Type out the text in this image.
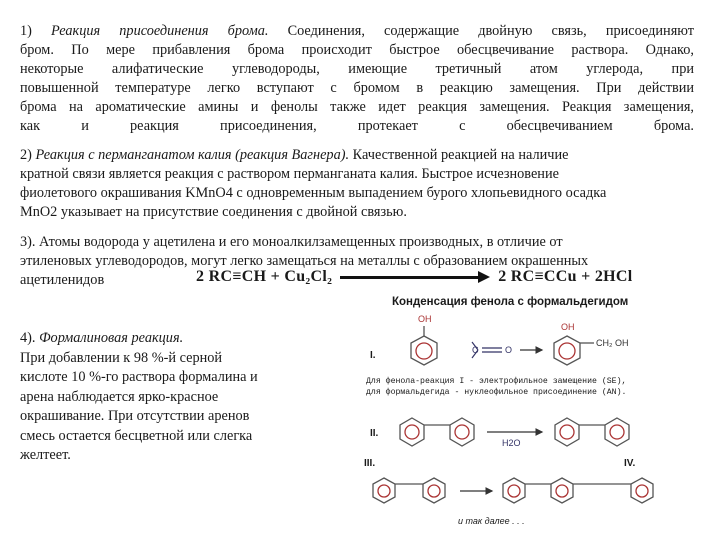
1) Реакция присоединения брома. Соединения, содержащие двойную связь, присоединяют
бром. По мере прибавления брома происходит быстрое обесцвечивание раствора. Однако,
некоторые алифатические углеводороды, имеющие третичный атом углерода, при
повышенной температуре легко вступают с бромом в реакцию замещения. При действии
брома на ароматические амины и фенолы также идет реакция замещения. Реакция замещения,
как и реакция присоединения, протекает с обесцвечиванием брома.
2) Реакция с перманганатом калия (реакция Вагнера). Качественной реакцией на наличие
кратной связи является реакция с раствором перманганата калия. Быстрое исчезновение
фиолетового окрашивания KMnO4 с одновременным выпадением бурого хлопьевидного осадка
MnO2 указывает на присутствие соединения с двойной связью.
3). Атомы водорода у ацетилена и его моноалкилзамещенных производных, в отличие от
этиленовых углеводородов, могут легко замещаться на металлы с образованием окрашенных
ацетиленидов	2 RC≡CH + Cu₂Cl₂	2 RC≡CCu + 2HCl
4). Формалиновая реакция.
При добавлении к 98 %-й серной
кислоте 10 %-го раствора формалина и
арена наблюдается ярко-красное
окрашивание. При отсутствии аренов
смесь остается бесцветной или слегка
желтеет.
Конденсация фенола с формальдегидом
OH
O
C
OH
CH₂ OH
H2O
I.
II.
III.	IV.
Для фенола-реакция I - электрофильное замещение (SE),
для формальдегида - нуклеофильное присоединение (AN).
и так далее . . .
